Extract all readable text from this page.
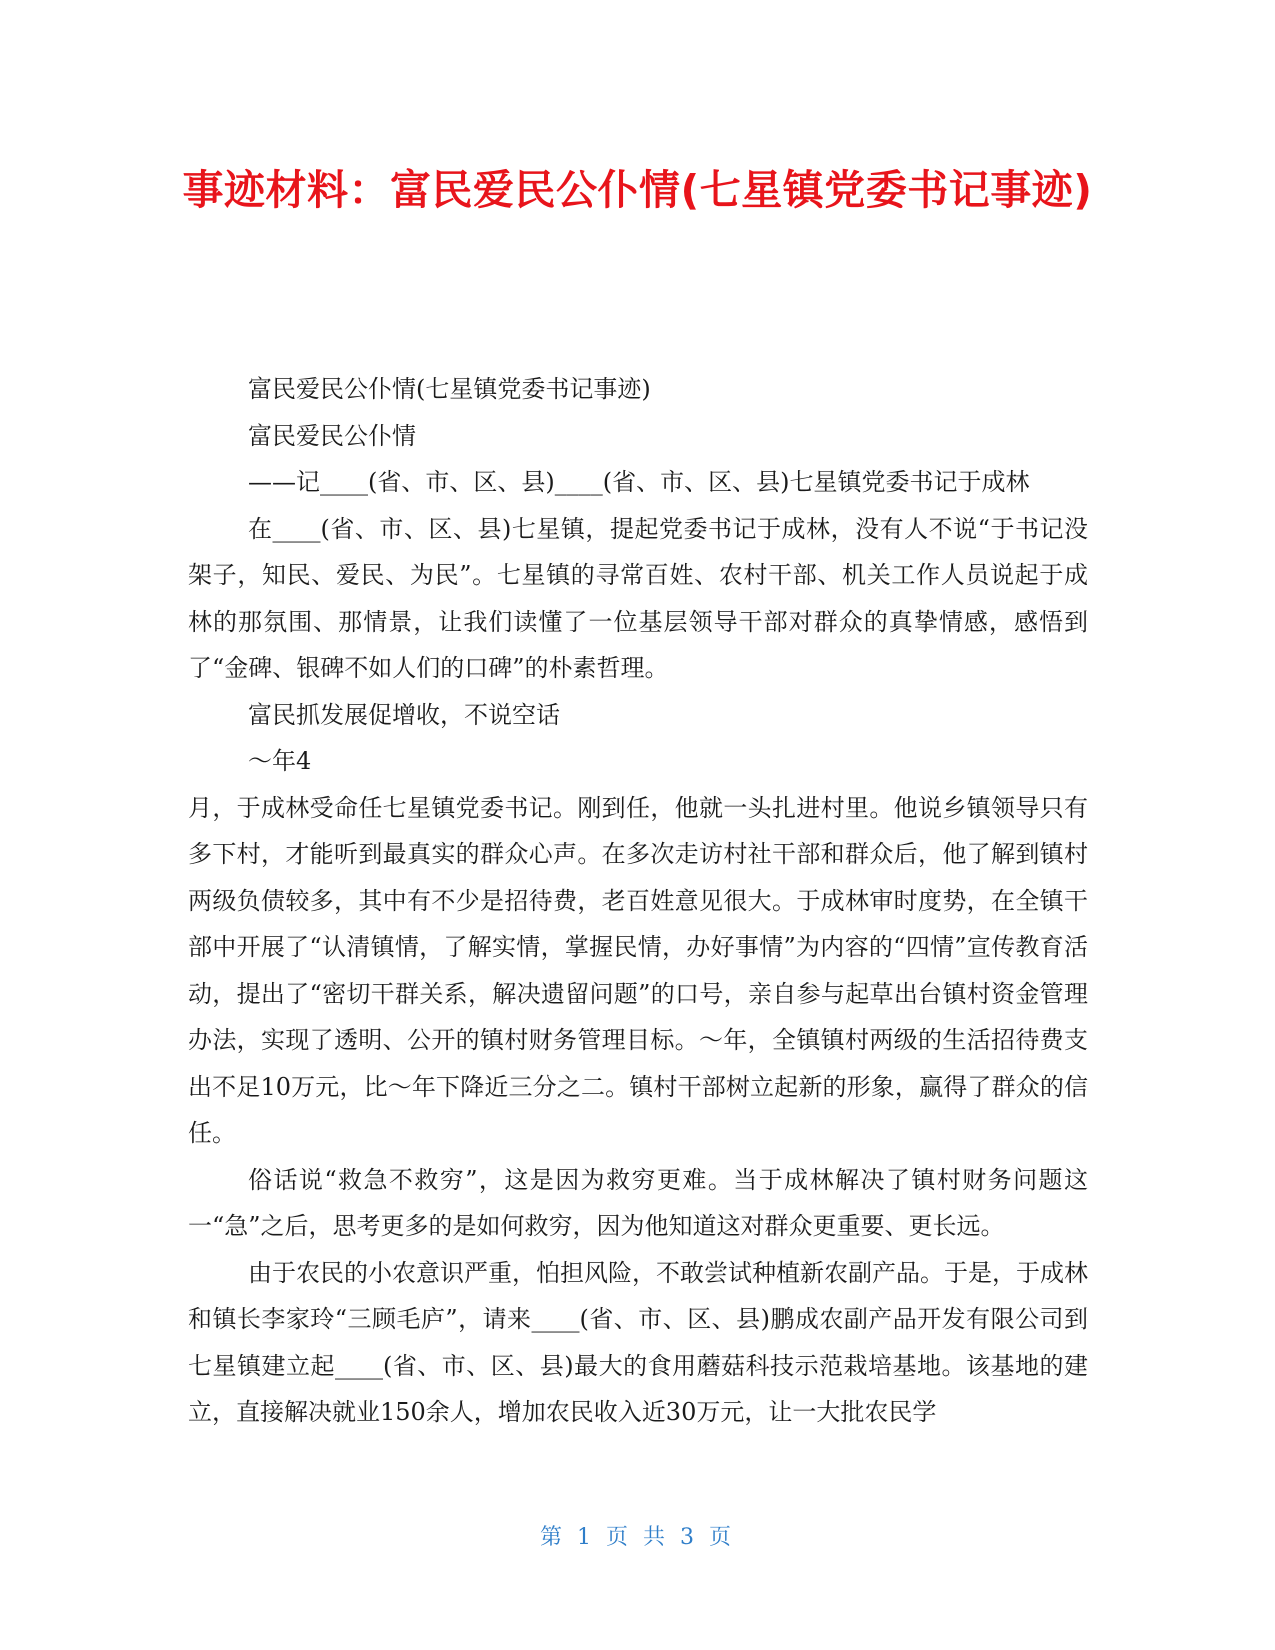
事迹材料：富民爱民公仆情(七星镇党委书记事迹)

富民爱民公仆情(七星镇党委书记事迹)

富民爱民公仆情

——记____(省、市、区、县)____(省、市、区、县)七星镇党委书记于成林

在____(省、市、区、县)七星镇，提起党委书记于成林，没有人不说“于书记没架子，知民、爱民、为民”。七星镇的寻常百姓、农村干部、机关工作人员说起于成林的那氛围、那情景，让我们读懂了一位基层领导干部对群众的真挚情感，感悟到了“金碑、银碑不如人们的口碑”的朴素哲理。

富民抓发展促增收，不说空话

～年4

月，于成林受命任七星镇党委书记。刚到任，他就一头扎进村里。他说乡镇领导只有多下村，才能听到最真实的群众心声。在多次走访村社干部和群众后，他了解到镇村两级负债较多，其中有不少是招待费，老百姓意见很大。于成林审时度势，在全镇干部中开展了“认清镇情，了解实情，掌握民情，办好事情”为内容的“四情”宣传教育活动，提出了“密切干群关系，解决遗留问题”的口号，亲自参与起草出台镇村资金管理办法，实现了透明、公开的镇村财务管理目标。～年，全镇镇村两级的生活招待费支出不足10万元，比～年下降近三分之二。镇村干部树立起新的形象，赢得了群众的信任。

俗话说“救急不救穷”，这是因为救穷更难。当于成林解决了镇村财务问题这一“急”之后，思考更多的是如何救穷，因为他知道这对群众更重要、更长远。

由于农民的小农意识严重，怕担风险，不敢尝试种植新农副产品。于是，于成林和镇长李家玲“三顾毛庐”，请来____(省、市、区、县)鹏成农副产品开发有限公司到七星镇建立起____(省、市、区、县)最大的食用蘑菇科技示范栽培基地。该基地的建立，直接解决就业150余人，增加农民收入近30万元，让一大批农民学

第 1 页 共 3 页
